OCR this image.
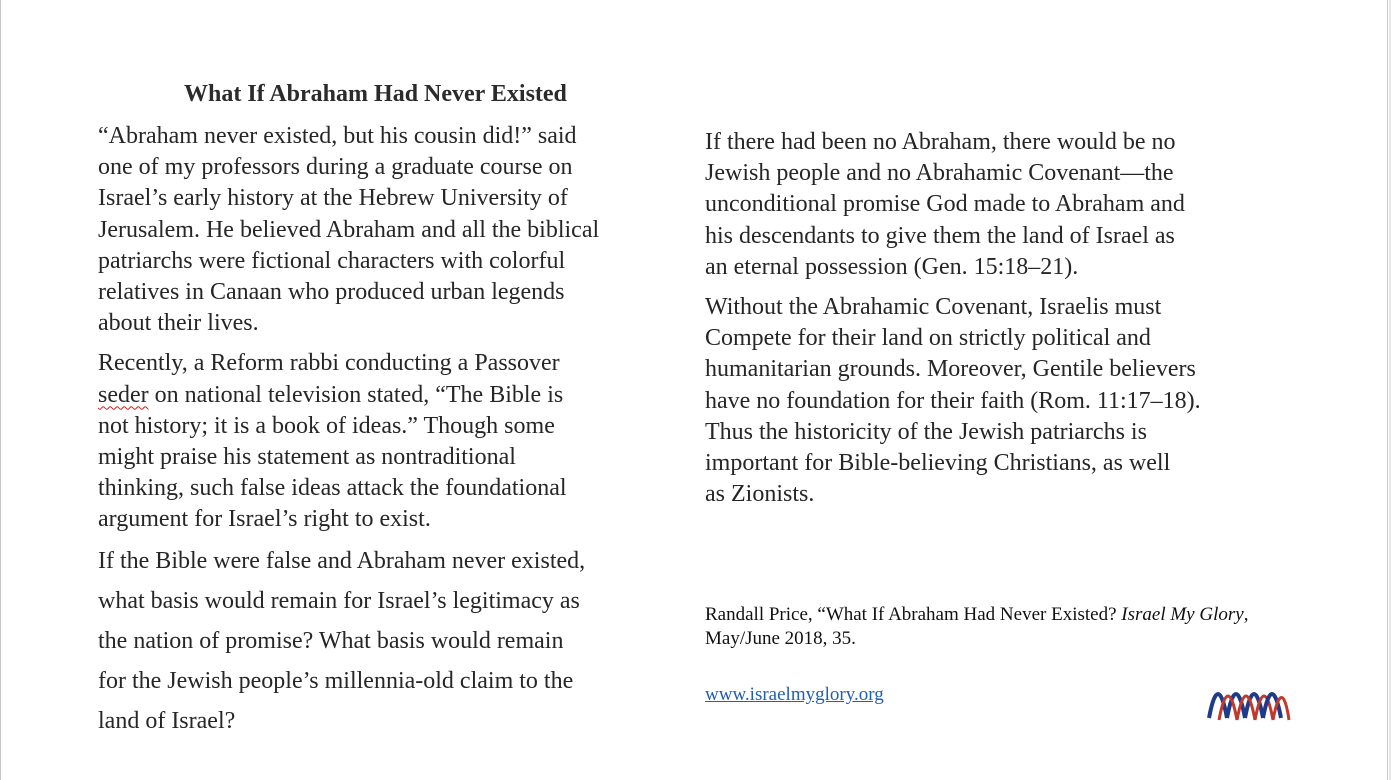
What If Abraham Had Never Existed

“Abraham never existed, but his cousin did!” said

one of my professors during a graduate course on

Israel’s early history at the Hebrew University of

Jerusalem. He believed Abraham and all the biblical

patriarchs were fictional characters with colorful

relatives in Canaan who produced urban legends

about their lives.

Recently, a Reform rabbi conducting a Passover

seder on national television stated, “The Bible is

not history; it is a book of ideas.” Though some

might praise his statement as nontraditional

thinking, such false ideas attack the foundational

argument for Israel’s right to exist.

If the Bible were false and Abraham never existed,

what basis would remain for Israel’s legitimacy as

the nation of promise? What basis would remain

for the Jewish people’s millennia-old claim to the

land of Israel?

If there had been no Abraham, there would be no

Jewish people and no Abrahamic Covenant—the

unconditional promise God made to Abraham and

his descendants to give them the land of Israel as

an eternal possession (Gen. 15:18–21).

Without the Abrahamic Covenant, Israelis must

Compete for their land on strictly political and

humanitarian grounds. Moreover, Gentile believers

have no foundation for their faith (Rom. 11:17–18).

Thus the historicity of the Jewish patriarchs is

important for Bible-believing Christians, as well

as Zionists.

Randall Price, “What If Abraham Had Never Existed? Israel My Glory,

May/June 2018, 35.

www.israelmyglory.org
